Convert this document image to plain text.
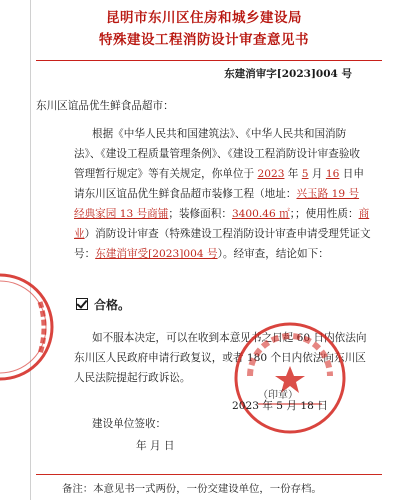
昆明市东川区住房和城乡建设局
特殊建设工程消防设计审查意见书
东建消审字[2023]004 号
东川区谊品优生鲜食品超市：
根据《中华人民共和国建筑法》、《中华人民共和国消防
法》、《建设工程质量管理条例》、《建设工程消防设计审查验收
管理暂行规定》等有关规定，你单位于 2023 年 5 月 16 日申
请东川区谊品优生鲜食品超市装修工程（地址：兴玉路 19 号
经典家园 13 号商铺；装修面积：3400.46 ㎡；；使用性质：商
业）消防设计审查（特殊建设工程消防设计审查申请受理凭证文
号：东建消审受[2023]004 号）。经审查，结论如下：
合格。
如不服本决定，可以在收到本意见书之日起 60 日内依法向
东川区人民政府申请行政复议，或者 180 个日内依法向东川区
人民法院提起行政诉讼。
（印章）
2023 年 5 月 18 日
建设单位签收：
年 月 日
备注：本意见书一式两份，一份交建设单位，一份存档。
